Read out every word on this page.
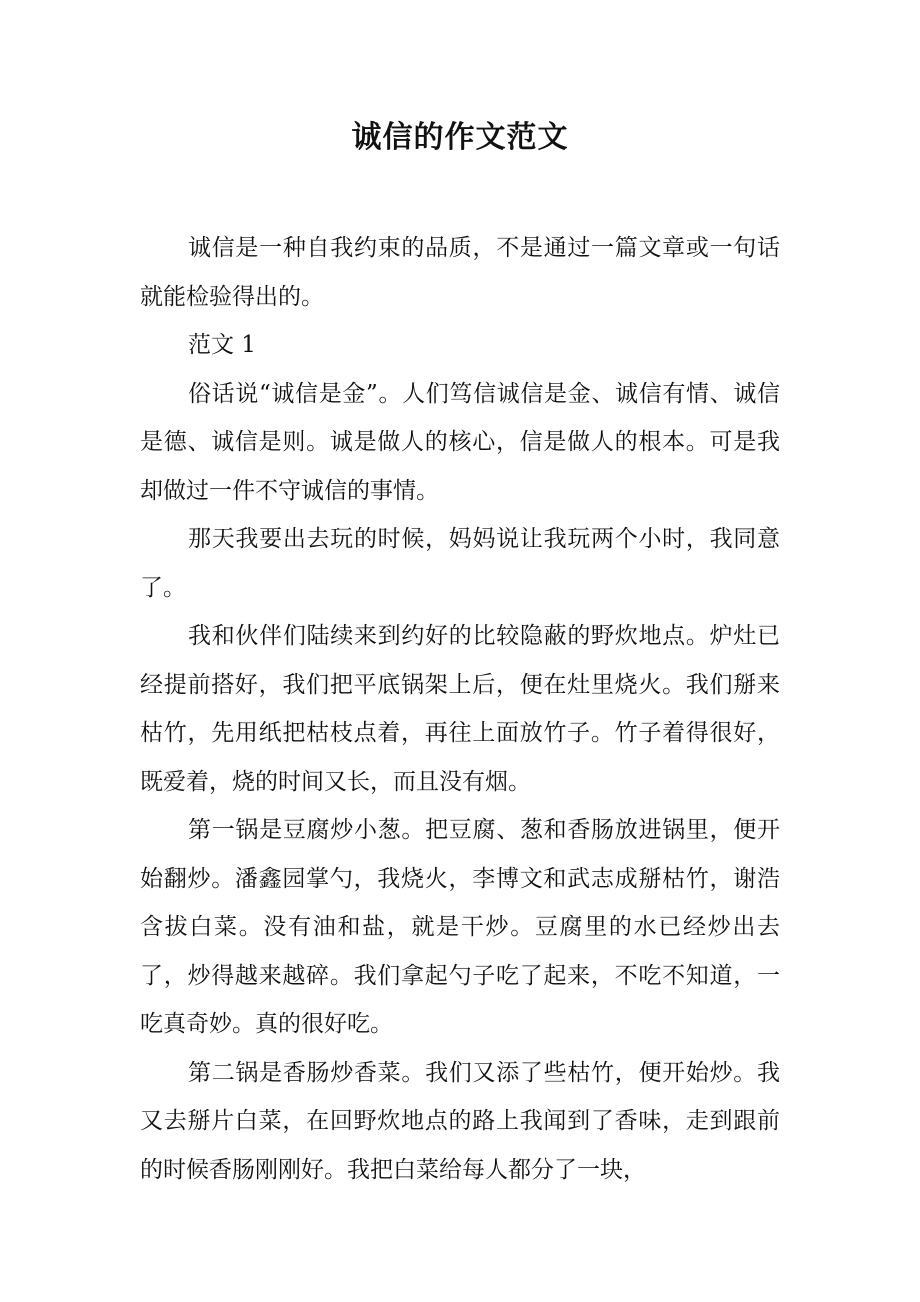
诚信的作文范文

诚信是一种自我约束的品质，不是通过一篇文章或一句话就能检验得出的。

范文 1

俗话说“诚信是金”。人们笃信诚信是金、诚信有情、诚信是德、诚信是则。诚是做人的核心，信是做人的根本。可是我却做过一件不守诚信的事情。

那天我要出去玩的时候，妈妈说让我玩两个小时，我同意了。

我和伙伴们陆续来到约好的比较隐蔽的野炊地点。炉灶已经提前搭好，我们把平底锅架上后，便在灶里烧火。我们掰来枯竹，先用纸把枯枝点着，再往上面放竹子。竹子着得很好，既爱着，烧的时间又长，而且没有烟。

第一锅是豆腐炒小葱。把豆腐、葱和香肠放进锅里，便开始翻炒。潘鑫园掌勺，我烧火，李博文和武志成掰枯竹，谢浩含拔白菜。没有油和盐，就是干炒。豆腐里的水已经炒出去了，炒得越来越碎。我们拿起勺子吃了起来，不吃不知道，一吃真奇妙。真的很好吃。

第二锅是香肠炒香菜。我们又添了些枯竹，便开始炒。我又去掰片白菜，在回野炊地点的路上我闻到了香味，走到跟前的时候香肠刚刚好。我把白菜给每人都分了一块，
